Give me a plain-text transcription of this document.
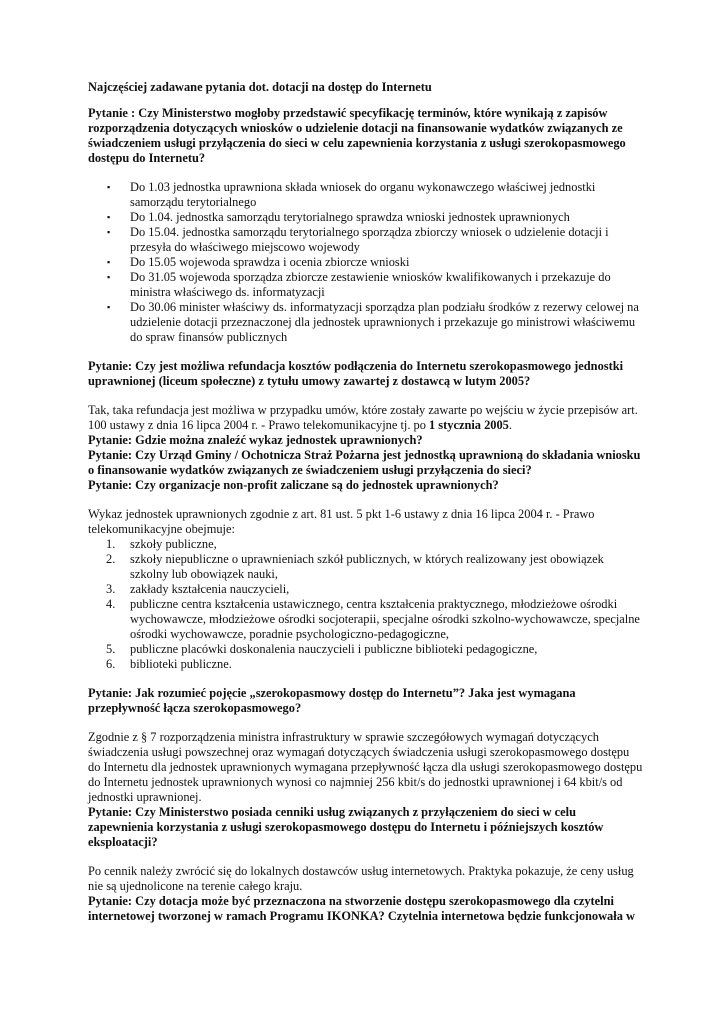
Najczęściej zadawane pytania dot. dotacji na dostęp do Internetu

Pytanie : Czy Ministerstwo mogłoby przedstawić specyfikację terminów, które wynikają z zapisów rozporządzenia dotyczących wniosków o udzielenie dotacji na finansowanie wydatków związanych ze świadczeniem usługi przyłączenia do sieci w celu zapewnienia korzystania z usługi szerokopasmowego dostępu do Internetu?

▪ Do 1.03 jednostka uprawniona składa wniosek do organu wykonawczego właściwej jednostki samorządu terytorialnego
▪ Do 1.04. jednostka samorządu terytorialnego sprawdza wnioski jednostek uprawnionych
▪ Do 15.04. jednostka samorządu terytorialnego sporządza zbiorczy wniosek o udzielenie dotacji i przesyła do właściwego miejscowo wojewody
▪ Do 15.05 wojewoda sprawdza i ocenia zbiorcze wnioski
▪ Do 31.05 wojewoda sporządza zbiorcze zestawienie wniosków kwalifikowanych i przekazuje do ministra właściwego ds. informatyzacji
▪ Do 30.06 minister właściwy ds. informatyzacji sporządza plan podziału środków z rezerwy celowej na udzielenie dotacji przeznaczonej dla jednostek uprawnionych i przekazuje go ministrowi właściwemu do spraw finansów publicznych

Pytanie: Czy jest możliwa refundacja kosztów podłączenia do Internetu szerokopasmowego jednostki uprawnionej (liceum społeczne) z tytułu umowy zawartej z dostawcą w lutym 2005?

Tak, taka refundacja jest możliwa w przypadku umów, które zostały zawarte po wejściu w życie przepisów art. 100 ustawy z dnia 16 lipca 2004 r. - Prawo telekomunikacyjne tj. po 1 stycznia 2005.

Pytanie: Gdzie można znaleźć wykaz jednostek uprawnionych?

Pytanie: Czy Urząd Gminy / Ochotnicza Straż Pożarna jest jednostką uprawnioną do składania wniosku o finansowanie wydatków związanych ze świadczeniem usługi przyłączenia do sieci?

Pytanie: Czy organizacje non-profit zaliczane są do jednostek uprawnionych?

Wykaz jednostek uprawnionych zgodnie z art. 81 ust. 5 pkt 1-6 ustawy z dnia 16 lipca 2004 r. - Prawo telekomunikacyjne obejmuje:

1. szkoły publiczne,
2. szkoły niepubliczne o uprawnieniach szkół publicznych, w których realizowany jest obowiązek szkolny lub obowiązek nauki,
3. zakłady kształcenia nauczycieli,
4. publiczne centra kształcenia ustawicznego, centra kształcenia praktycznego, młodzieżowe ośrodki wychowawcze, młodzieżowe ośrodki socjoterapii, specjalne ośrodki szkolno-wychowawcze, specjalne ośrodki wychowawcze, poradnie psychologiczno-pedagogiczne,
5. publiczne placówki doskonalenia nauczycieli i publiczne biblioteki pedagogiczne,
6. biblioteki publiczne.

Pytanie: Jak rozumieć pojęcie „szerokopasmowy dostęp do Internetu”? Jaka jest wymagana przepływność łącza szerokopasmowego?

Zgodnie z § 7 rozporządzenia ministra infrastruktury w sprawie szczegółowych wymagań dotyczących świadczenia usługi powszechnej oraz wymagań dotyczących świadczenia usługi szerokopasmowego dostępu do Internetu dla jednostek uprawnionych wymagana przepływność łącza dla usługi szerokopasmowego dostępu do Internetu jednostek uprawnionych wynosi co najmniej 256 kbit/s do jednostki uprawnionej i 64 kbit/s od jednostki uprawnionej.

Pytanie: Czy Ministerstwo posiada cenniki usług związanych z przyłączeniem do sieci w celu zapewnienia korzystania z usługi szerokopasmowego dostępu do Internetu i późniejszych kosztów eksploatacji?

Po cennik należy zwrócić się do lokalnych dostawców usług internetowych. Praktyka pokazuje, że ceny usług nie są ujednolicone na terenie całego kraju.

Pytanie: Czy dotacja może być przeznaczona na stworzenie dostępu szerokopasmowego dla czytelni internetowej tworzonej w ramach Programu IKONKA? Czytelnia internetowa będzie funkcjonowała w
